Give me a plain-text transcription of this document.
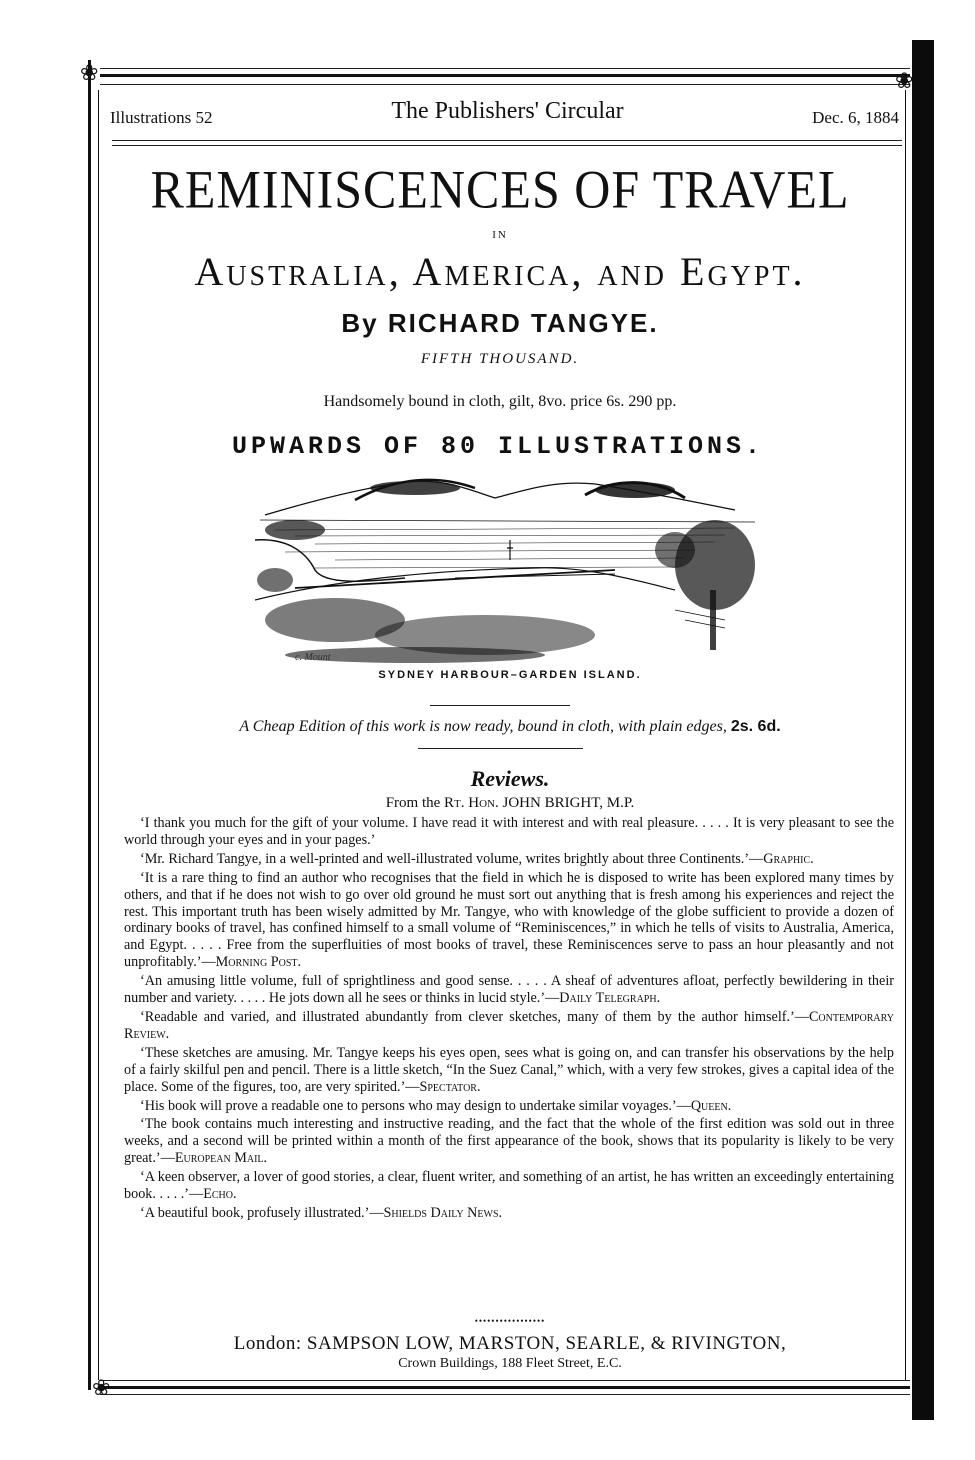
❀	❀
Illustrations 52	The Publishers' Circular	Dec. 6, 1884
REMINISCENCES OF TRAVEL
IN
Australia, America, and Egypt.
By RICHARD TANGYE.
FIFTH THOUSAND.
Handsomely bound in cloth, gilt, 8vo. price 6s. 290 pp.
UPWARDS OF 80 ILLUSTRATIONS.
c. Mount
SYDNEY HARBOUR–GARDEN ISLAND.
A Cheap Edition of this work is now ready, bound in cloth, with plain edges, 2s. 6d.
Reviews.
From the Rt. Hon. JOHN BRIGHT, M.P.

‘I thank you much for the gift of your volume. I have read it with interest and with real pleasure. . . . . It is very pleasant to see the world through your eyes and in your pages.’

‘Mr. Richard Tangye, in a well-printed and well-illustrated volume, writes brightly about three Continents.’—Graphic.

‘It is a rare thing to find an author who recognises that the field in which he is disposed to write has been explored many times by others, and that if he does not wish to go over old ground he must sort out anything that is fresh among his experiences and reject the rest. This important truth has been wisely admitted by Mr. Tangye, who with knowledge of the globe sufficient to provide a dozen of ordinary books of travel, has confined himself to a small volume of “Reminiscences,” in which he tells of visits to Australia, America, and Egypt. . . . . Free from the superfluities of most books of travel, these Reminiscences serve to pass an hour pleasantly and not unprofitably.’—Morning Post.

‘An amusing little volume, full of sprightliness and good sense. . . . . A sheaf of adventures afloat, perfectly bewildering in their number and variety. . . . . He jots down all he sees or thinks in lucid style.’—Daily Telegraph.

‘Readable and varied, and illustrated abundantly from clever sketches, many of them by the author himself.’—Contemporary Review.

‘These sketches are amusing. Mr. Tangye keeps his eyes open, sees what is going on, and can transfer his observations by the help of a fairly skilful pen and pencil. There is a little sketch, “In the Suez Canal,” which, with a very few strokes, gives a capital idea of the place. Some of the figures, too, are very spirited.’—Spectator.

‘His book will prove a readable one to persons who may design to undertake similar voyages.’—Queen.

‘The book contains much interesting and instructive reading, and the fact that the whole of the first edition was sold out in three weeks, and a second will be printed within a month of the first appearance of the book, shows that its popularity is likely to be very great.’—European Mail.

‘A keen observer, a lover of good stories, a clear, fluent writer, and something of an artist, he has written an exceedingly entertaining book. . . . .’—Echo.

‘A beautiful book, profusely illustrated.’—Shields Daily News.

•••••••••••••••••
London: SAMPSON LOW, MARSTON, SEARLE, & RIVINGTON,
Crown Buildings, 188 Fleet Street, E.C.
❀
